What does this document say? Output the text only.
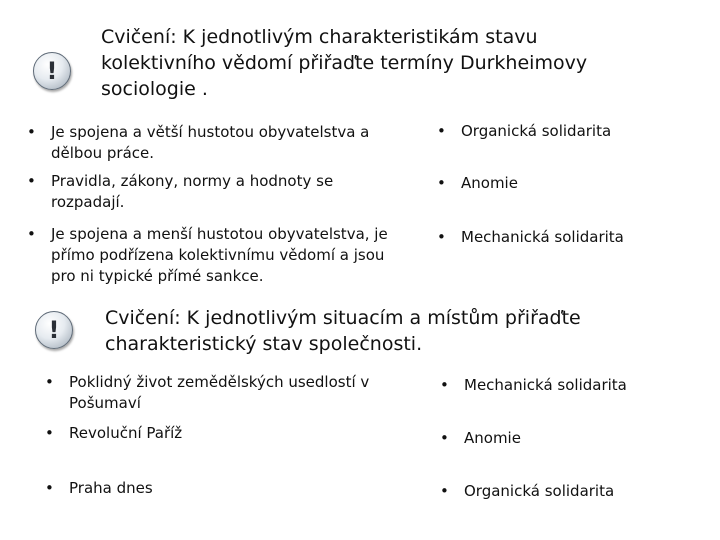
!
Cvičení: K jednotlivým charakteristikám stavu kolektivního vědomí přiřaďte termíny Durkheimovy sociologie .
• Je spojena a větší hustotou obyvatelstva a dělbou práce.
• Pravidla, zákony, normy a hodnoty se rozpadají.
• Je spojena a menší hustotou obyvatelstva, je přímo podřízena kolektivnímu vědomí a jsou pro ni typické přímé sankce.
• Organická solidarita
• Anomie
• Mechanická solidarita
! Cvičení: K jednotlivým situacím a místům přiřaďte charakteristický stav společnosti.
• Poklidný život zemědělských usedlostí v Pošumaví
• Revoluční Paříž
• Praha dnes
• Mechanická solidarita
• Anomie
• Organická solidarita
